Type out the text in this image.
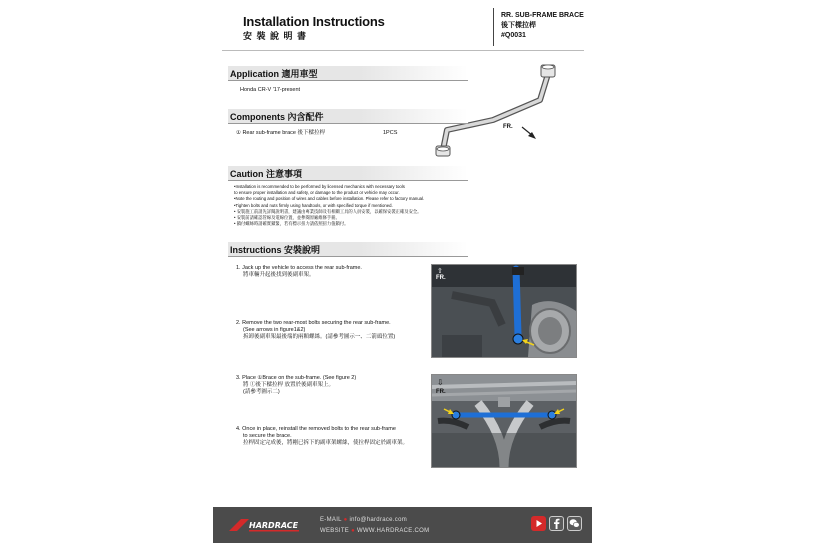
Installation Instructions
安 裝 說 明 書
RR. SUB-FRAME BRACE
後下樑拉桿
#Q0031
Application 適用車型
Honda CR-V '17-present
FR.
Components 內含配件
① Rear sub-frame brace 後下樑拉桿	1PCS
Caution 注意事項
•Installation is recommended to be performed by licensed mechanics with necessary tools
to ensure proper installation and safety, or damage to the product or vehicle may occur.
•Note the routing and position of wires and cables before installation. Please refer to factory manual.
•Tighten bolts and nuts firmly using handtools, or with specified torque if mentioned.
• 安裝施工前請先詳閱說明書，建議由專業技師及有相關工具的人員安裝，以確保安裝正確及安全。
• 安裝前請確認管線及電線位置，並參閱原廠維修手冊。
• 鎖付螺絲時請確實鎖緊，若有標示扭力請依照扭力值鎖付。
Instructions 安裝說明
1. Jack up the vehicle to access the rear sub-frame.
將車輛升起後找到後副車架。
2. Remove the two rear-most bolts securing the rear sub-frame.
(See arrows in figure1&2)
拆卸後副車架最後端的兩顆螺絲。(請參考圖示一、二箭頭位置)
3. Place ①Brace on the sub-frame. (See figure 2)
將 ①後下樑拉桿 放置於後副車架上。
(請參考圖示二)
4. Once in place, reinstall the removed bolts to the rear sub-frame
to secure the brace.
拉桿固定完成後，將剛已拆下的副車架螺絲，使拉桿固定於副車架。
FR.
⇧
FR.
⇩
HARDRACE
E-MAIL ● info@hardrace.com
WEBSITE ● WWW.HARDRACE.COM
